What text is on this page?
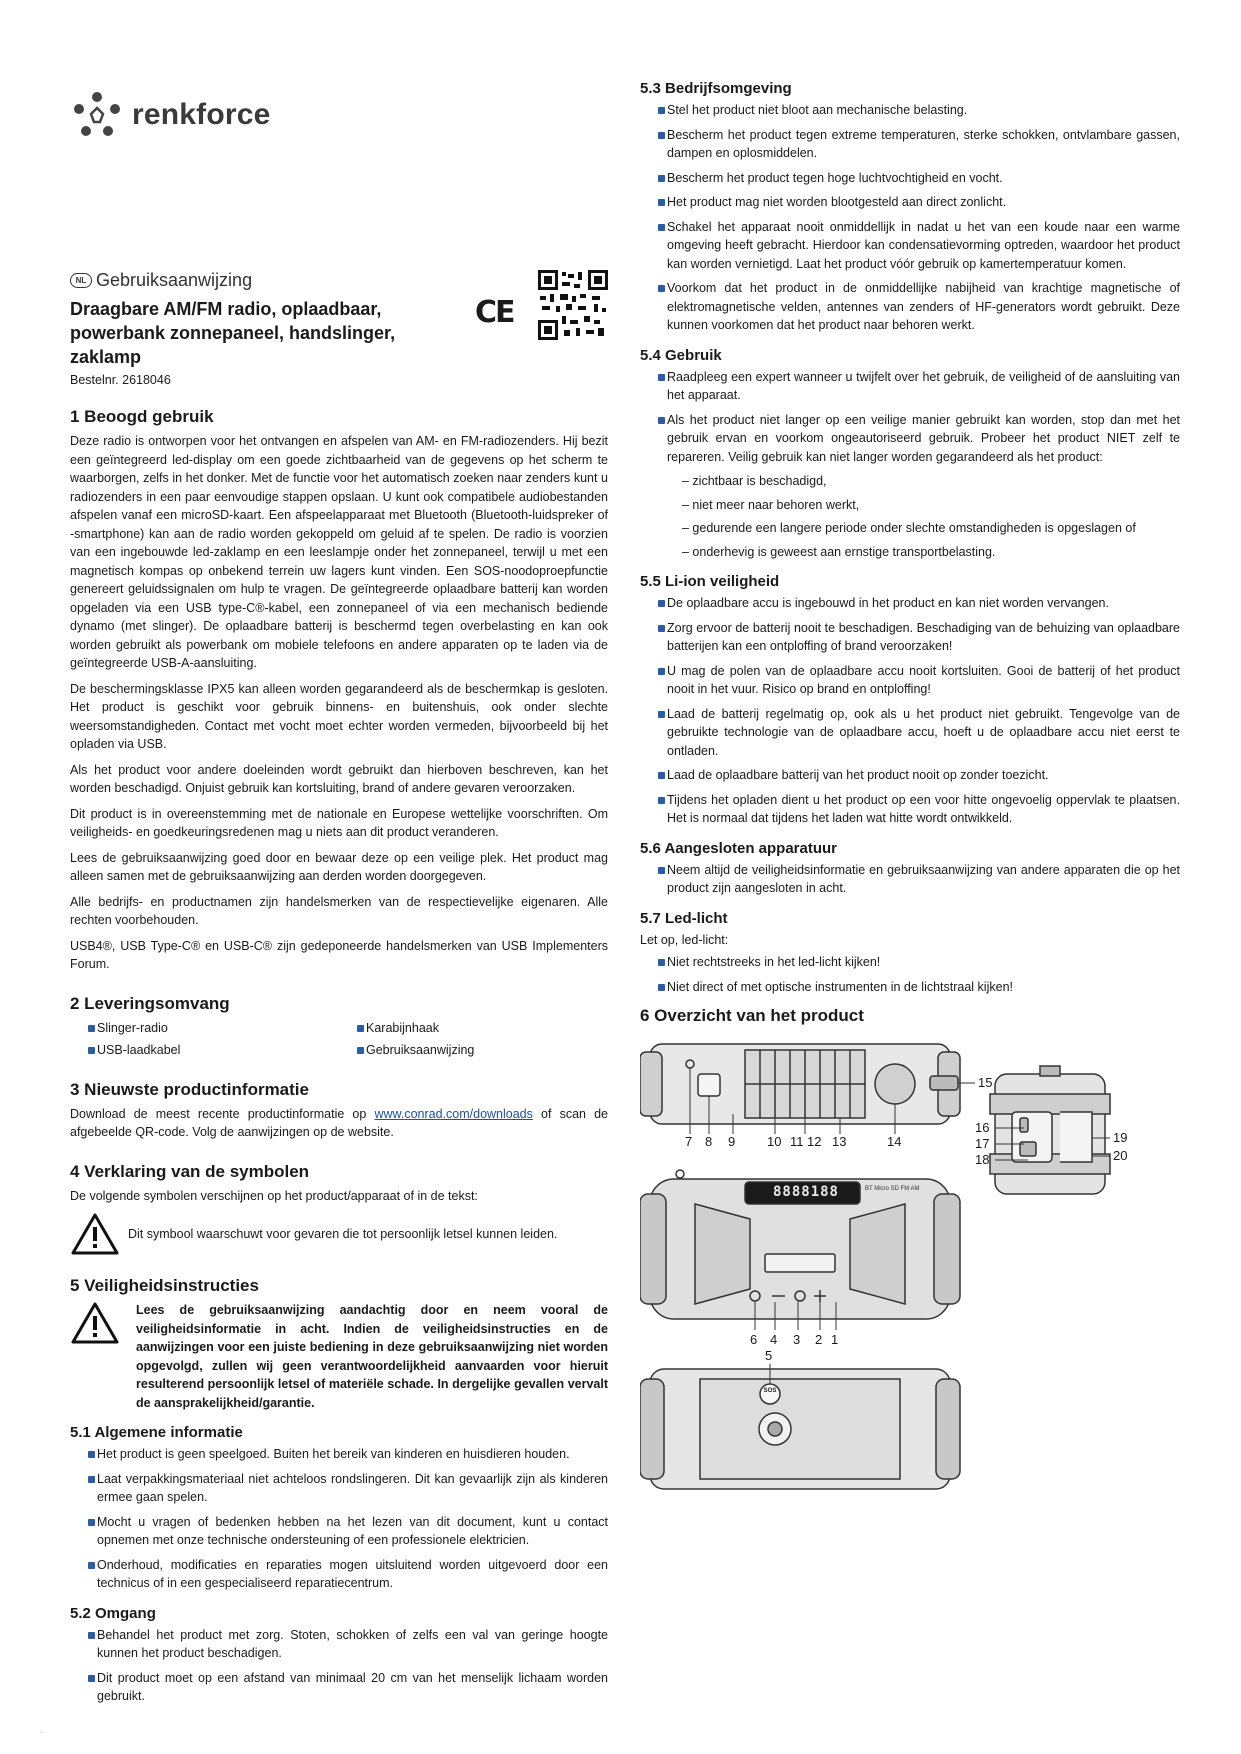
renkforce
NL Gebruiksaanwijzing
Draagbare AM/FM radio, oplaadbaar, powerbank zonnepaneel, handslinger, zaklamp
Bestelnr. 2618046
CE
1 Beoogd gebruik

Deze radio is ontworpen voor het ontvangen en afspelen van AM- en FM-radiozenders. Hij bezit een geïntegreerd led-display om een goede zichtbaarheid van de gegevens op het scherm te waarborgen, zelfs in het donker. Met de functie voor het automatisch zoeken naar zenders kunt u radiozenders in een paar eenvoudige stappen opslaan. U kunt ook compatibele audiobestanden afspelen vanaf een microSD-kaart. Een afspeelapparaat met Bluetooth (Bluetooth-luidspreker of -smartphone) kan aan de radio worden gekoppeld om geluid af te spelen. De radio is voorzien van een ingebouwde led-zaklamp en een leeslampje onder het zonnepaneel, terwijl u met een magnetisch kompas op onbekend terrein uw lagers kunt vinden. Een SOS-noodoproepfunctie genereert geluidssignalen om hulp te vragen. De geïntegreerde oplaadbare batterij kan worden opgeladen via een USB type-C®-kabel, een zonnepaneel of via een mechanisch bediende dynamo (met slinger). De oplaadbare batterij is beschermd tegen overbelasting en kan ook worden gebruikt als powerbank om mobiele telefoons en andere apparaten op te laden via de geïntegreerde USB-A-aansluiting.

De beschermingsklasse IPX5 kan alleen worden gegarandeerd als de beschermkap is gesloten. Het product is geschikt voor gebruik binnens- en buitenshuis, ook onder slechte weersomstandigheden. Contact met vocht moet echter worden vermeden, bijvoorbeeld bij het opladen via USB.

Als het product voor andere doeleinden wordt gebruikt dan hierboven beschreven, kan het worden beschadigd. Onjuist gebruik kan kortsluiting, brand of andere gevaren veroorzaken.

Dit product is in overeenstemming met de nationale en Europese wettelijke voorschriften. Om veiligheids- en goedkeuringsredenen mag u niets aan dit product veranderen.

Lees de gebruiksaanwijzing goed door en bewaar deze op een veilige plek. Het product mag alleen samen met de gebruiksaanwijzing aan derden worden doorgegeven.

Alle bedrijfs- en productnamen zijn handelsmerken van de respectievelijke eigenaren. Alle rechten voorbehouden.

USB4®, USB Type-C® en USB-C® zijn gedeponeerde handelsmerken van USB Implementers Forum.

2 Leveringsomvang
Slinger-radio	Karabijnhaak
USB-laadkabel	Gebruiksaanwijzing
3 Nieuwste productinformatie

Download de meest recente productinformatie op www.conrad.com/downloads of scan de afgebeelde QR-code. Volg de aanwijzingen op de website.

4 Verklaring van de symbolen

De volgende symbolen verschijnen op het product/apparaat of in de tekst:

Dit symbool waarschuwt voor gevaren die tot persoonlijk letsel kunnen leiden.
5 Veiligheidsinstructies
Lees de gebruiksaanwijzing aandachtig door en neem vooral de veiligheidsinformatie in acht. Indien de veiligheidsinstructies en de aanwijzingen voor een juiste bediening in deze gebruiksaanwijzing niet worden opgevolgd, zullen wij geen verantwoordelijkheid aanvaarden voor hieruit resulterend persoonlijk letsel of materiële schade. In dergelijke gevallen vervalt de aansprakelijkheid/garantie.
5.1 Algemene informatie
Het product is geen speelgoed. Buiten het bereik van kinderen en huisdieren houden.
Laat verpakkingsmateriaal niet achteloos rondslingeren. Dit kan gevaarlijk zijn als kinderen ermee gaan spelen.
Mocht u vragen of bedenken hebben na het lezen van dit document, kunt u contact opnemen met onze technische ondersteuning of een professionele elektricien.
Onderhoud, modificaties en reparaties mogen uitsluitend worden uitgevoerd door een technicus of in een gespecialiseerd reparatiecentrum.
5.2 Omgang
Behandel het product met zorg. Stoten, schokken of zelfs een val van geringe hoogte kunnen het product beschadigen.
Dit product moet op een afstand van minimaal 20 cm van het menselijk lichaam worden gebruikt.
5.3 Bedrijfsomgeving
Stel het product niet bloot aan mechanische belasting.
Bescherm het product tegen extreme temperaturen, sterke schokken, ontvlambare gassen, dampen en oplosmiddelen.
Bescherm het product tegen hoge luchtvochtigheid en vocht.
Het product mag niet worden blootgesteld aan direct zonlicht.
Schakel het apparaat nooit onmiddellijk in nadat u het van een koude naar een warme omgeving heeft gebracht. Hierdoor kan condensatievorming optreden, waardoor het product kan worden vernietigd. Laat het product vóór gebruik op kamertemperatuur komen.
Voorkom dat het product in de onmiddellijke nabijheid van krachtige magnetische of elektromagnetische velden, antennes van zenders of HF-generators wordt gebruikt. Deze kunnen voorkomen dat het product naar behoren werkt.
5.4 Gebruik
Raadpleeg een expert wanneer u twijfelt over het gebruik, de veiligheid of de aansluiting van het apparaat.
Als het product niet langer op een veilige manier gebruikt kan worden, stop dan met het gebruik ervan en voorkom ongeautoriseerd gebruik. Probeer het product NIET zelf te repareren. Veilig gebruik kan niet langer worden gegarandeerd als het product:
– zichtbaar is beschadigd,
– niet meer naar behoren werkt,
– gedurende een langere periode onder slechte omstandigheden is opgeslagen of
– onderhevig is geweest aan ernstige transportbelasting.
5.5 Li-ion veiligheid
De oplaadbare accu is ingebouwd in het product en kan niet worden vervangen.
Zorg ervoor de batterij nooit te beschadigen. Beschadiging van de behuizing van oplaadbare batterijen kan een ontploffing of brand veroorzaken!
U mag de polen van de oplaadbare accu nooit kortsluiten. Gooi de batterij of het product nooit in het vuur. Risico op brand en ontploffing!
Laad de batterij regelmatig op, ook als u het product niet gebruikt. Tengevolge van de gebruikte technologie van de oplaadbare accu, hoeft u de oplaadbare accu niet eerst te ontladen.
Laad de oplaadbare batterij van het product nooit op zonder toezicht.
Tijdens het opladen dient u het product op een voor hitte ongevoelig oppervlak te plaatsen. Het is normaal dat tijdens het laden wat hitte wordt ontwikkeld.
5.6 Aangesloten apparatuur
Neem altijd de veiligheidsinformatie en gebruiksaanwijzing van andere apparaten die op het product zijn aangesloten in acht.
5.7 Led-licht

Let op, led-licht:

Niet rechtstreeks in het led-licht kijken!
Niet direct of met optische instrumenten in de lichtstraal kijken!
6 Overzicht van het product
8888188	BT Micro SD FM AM
SOS
7 8 9 10 11 12 13	14
15
16
17
18
19
20
6 4 3 2 1
5
.
